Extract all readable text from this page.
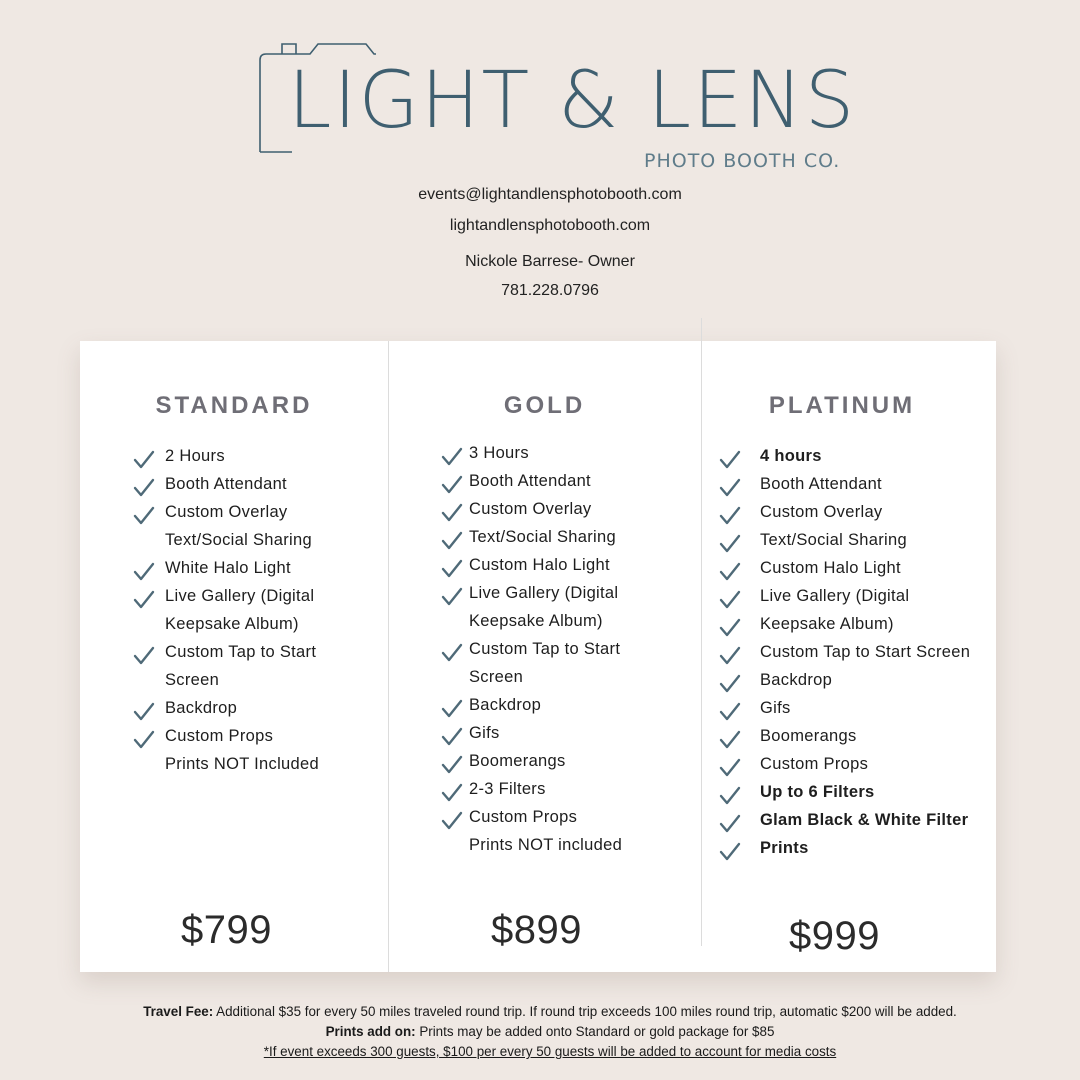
LIGHT & LENS
PHOTO BOOTH CO.
events@lightandlensphotobooth.com
lightandlensphotobooth.com
Nickole Barrese- Owner
781.228.0796
STANDARD
2 Hours
Booth Attendant
Custom Overlay
Text/Social Sharing
White Halo Light
Live Gallery (Digital
Keepsake Album)
Custom Tap to Start
Screen
Backdrop
Custom Props
Prints NOT Included
$799
GOLD
3 Hours
Booth Attendant
Custom Overlay
Text/Social Sharing
Custom Halo Light
Live Gallery (Digital
Keepsake Album)
Custom Tap to Start
Screen
Backdrop
Gifs
Boomerangs
2-3 Filters
Custom Props
Prints NOT included
$899
PLATINUM
4 hours
Booth Attendant
Custom Overlay
Text/Social Sharing
Custom Halo Light
Live Gallery (Digital
Keepsake Album)
Custom Tap to Start Screen
Backdrop
Gifs
Boomerangs
Custom Props
Up to 6 Filters
Glam Black & White Filter
Prints
$999
Travel Fee: Additional $35 for every 50 miles traveled round trip. If round trip exceeds 100 miles round trip, automatic $200 will be added.
Prints add on: Prints may be added onto Standard or gold package for $85
*If event exceeds 300 guests, $100 per every 50 guests will be added to account for media costs
